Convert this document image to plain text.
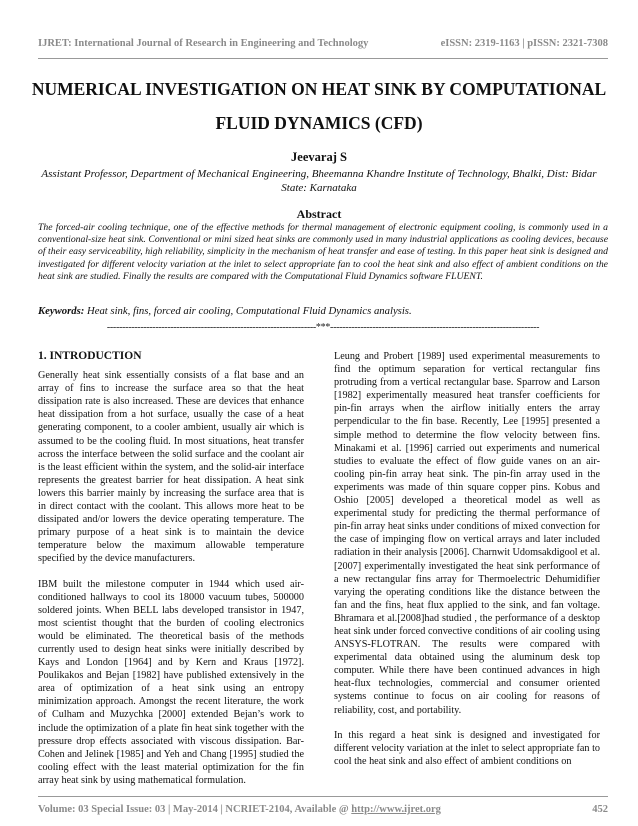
IJRET: International Journal of Research in Engineering and Technology	eISSN: 2319-1163 | pISSN: 2321-7308
NUMERICAL INVESTIGATION ON HEAT SINK BY COMPUTATIONAL FLUID DYNAMICS (CFD)
Jeevaraj S
Assistant Professor, Department of Mechanical Engineering, Bheemanna Khandre Institute of Technology, Bhalki, Dist: Bidar State: Karnataka
Abstract
The forced-air cooling technique, one of the effective methods for thermal management of electronic equipment cooling, is commonly used in a conventional-size heat sink. Conventional or mini sized heat sinks are commonly used in many industrial applications as cooling devices, because of their easy serviceability, high reliability, simplicity in the mechanism of heat transfer and ease of testing. In this paper heat sink is designed and investigated for different velocity variation at the inlet to select appropriate fan to cool the heat sink and also effect of ambient conditions on the heat sink are studied. Finally the results are compared with the Computational Fluid Dynamics software FLUENT.
Keywords: Heat sink, fins, forced air cooling, Computational Fluid Dynamics analysis.
---------------------------------------------------------------------***---------------------------------------------------------------------
1. INTRODUCTION

Generally heat sink essentially consists of a flat base and an array of fins to increase the surface area so that the heat dissipation rate is also increased. These are devices that enhance heat dissipation from a hot surface, usually the case of a heat generating component, to a cooler ambient, usually air which is assumed to be the cooling fluid. In most situations, heat transfer across the interface between the solid surface and the coolant air is the least efficient within the system, and the solid-air interface represents the greatest barrier for heat dissipation. A heat sink lowers this barrier mainly by increasing the surface area that is in direct contact with the coolant. This allows more heat to be dissipated and/or lowers the device operating temperature. The primary purpose of a heat sink is to maintain the device temperature below the maximum allowable temperature specified by the device manufacturers.

IBM built the milestone computer in 1944 which used air-conditioned hallways to cool its 18000 vacuum tubes, 500000 soldered joints. When BELL labs developed transistor in 1947, most scientist thought that the burden of cooling electronics would be eliminated. The theoretical basis of the methods currently used to design heat sinks were initially described by Kays and London [1964] and by Kern and Kraus [1972]. Poulikakos and Bejan [1982] have published extensively in the area of optimization of a heat sink using an entropy minimization approach. Amongst the recent literature, the work of Culham and Muzychka [2000] extended Bejan’s work to include the optimization of a plate fin heat sink together with the pressure drop effects associated with viscous dissipation. Bar-Cohen and Jelinek [1985] and Yeh and Chang [1995] studied the cooling effect with the least material optimization for the fin array heat sink by using mathematical formulation.

Leung and Probert [1989] used experimental measurements to find the optimum separation for vertical rectangular fins protruding from a vertical rectangular base. Sparrow and Larson [1982] experimentally measured heat transfer coefficients for pin-fin arrays when the airflow initially enters the array perpendicular to the fin base. Recently, Lee [1995] presented a simple method to determine the flow velocity between fins. Minakami et al. [1996] carried out experiments and numerical studies to evaluate the effect of flow guide vanes on an air-cooling pin-fin array heat sink. The pin-fin array used in the experiments was made of thin square copper pins. Kobus and Oshio [2005] developed a theoretical model as well as experimental study for predicting the thermal performance of pin-fin array heat sinks under conditions of mixed convection for the case of impinging flow on vertical arrays and later included radiation in their analysis [2006]. Charnwit Udomsakdigool et al. [2007] experimentally investigated the heat sink performance of a new rectangular fins array for Thermoelectric Dehumidifier varying the operating conditions like the distance between the fan and the fins, heat flux applied to the sink, and fan voltage. Bhramara et al.[2008]had studied , the performance of a desktop heat sink under forced convective conditions of air cooling using ANSYS-FLOTRAN. The results were compared with experimental data obtained using the aluminum desk top computer. While there have been continued advances in high heat-flux technologies, commercial and consumer oriented systems continue to focus on air cooling for reasons of reliability, cost, and portability.

In this regard a heat sink is designed and investigated for different velocity variation at the inlet to select appropriate fan to cool the heat sink and also effect of ambient conditions on

Volume: 03 Special Issue: 03 | May-2014 | NCRIET-2104, Available @ http://www.ijret.org	452
